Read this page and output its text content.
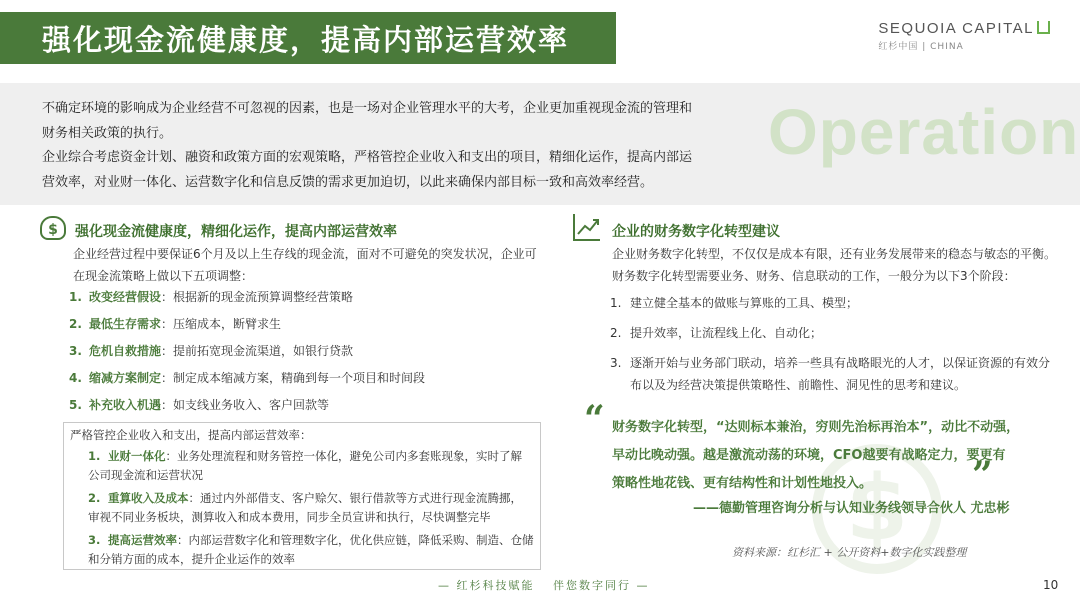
强化现金流健康度，提高内部运营效率	SEQUOIA CAPITAL
红杉中国 | CHINA
不确定环境的影响成为企业经营不可忽视的因素，也是一场对企业管理水平的大考，企业更加重视现金流的管理和
财务相关政策的执行。
企业综合考虑资金计划、融资和政策方面的宏观策略，严格管控企业收入和支出的项目，精细化运作，提高内部运
营效率，对业财一体化、运营数字化和信息反馈的需求更加迫切，以此来确保内部目标一致和高效率经营。
Operation
$	强化现金流健康度，精细化运作，提高内部运营效率
企业经营过程中要保证6个月及以上生存线的现金流，面对不可避免的突发状况，企业可
在现金流策略上做以下五项调整：
1. 改变经营假设：根据新的现金流预算调整经营策略
2. 最低生存需求：压缩成本，断臂求生
3. 危机自救措施：提前拓宽现金流渠道，如银行贷款
4. 缩减方案制定：制定成本缩减方案，精确到每一个项目和时间段
5. 补充收入机遇：如支线业务收入、客户回款等
严格管控企业收入和支出，提高内部运营效率：
1. 业财一体化：业务处理流程和财务管控一体化，避免公司内多套账现象，实时了解
公司现金流和运营状况
2. 重算收入及成本：通过内外部借支、客户赊欠、银行借款等方式进行现金流腾挪，
审视不同业务板块，测算收入和成本费用，同步全员宣讲和执行，尽快调整完毕
3. 提高运营效率：内部运营数字化和管理数字化，优化供应链，降低采购、制造、仓储
和分销方面的成本，提升企业运作的效率
企业的财务数字化转型建议
企业财务数字化转型，不仅仅是成本有限，还有业务发展带来的稳态与敏态的平衡。
财务数字化转型需要业务、财务、信息联动的工作，一般分为以下3个阶段：
1. 建立健全基本的做账与算账的工具、模型；
2. 提升效率，让流程线上化、自动化；
3. 逐渐开始与业务部门联动，培养一些具有战略眼光的人才，以保证资源的有效分
布以及为经营决策提供策略性、前瞻性、洞见性的思考和建议。
$
“ 财务数字化转型，“达则标本兼治，穷则先治标再治本”，动比不动强，
早动比晚动强。越是激流动荡的环境，CFO越要有战略定力，要更有
策略性地花钱、更有结构性和计划性地投入。	”
——德勤管理咨询分析与认知业务线领导合伙人 尤忠彬
资料来源：红杉汇 + 公开资料+数字化实践整理
— 红杉科技赋能　 伴您数字同行 —	10
